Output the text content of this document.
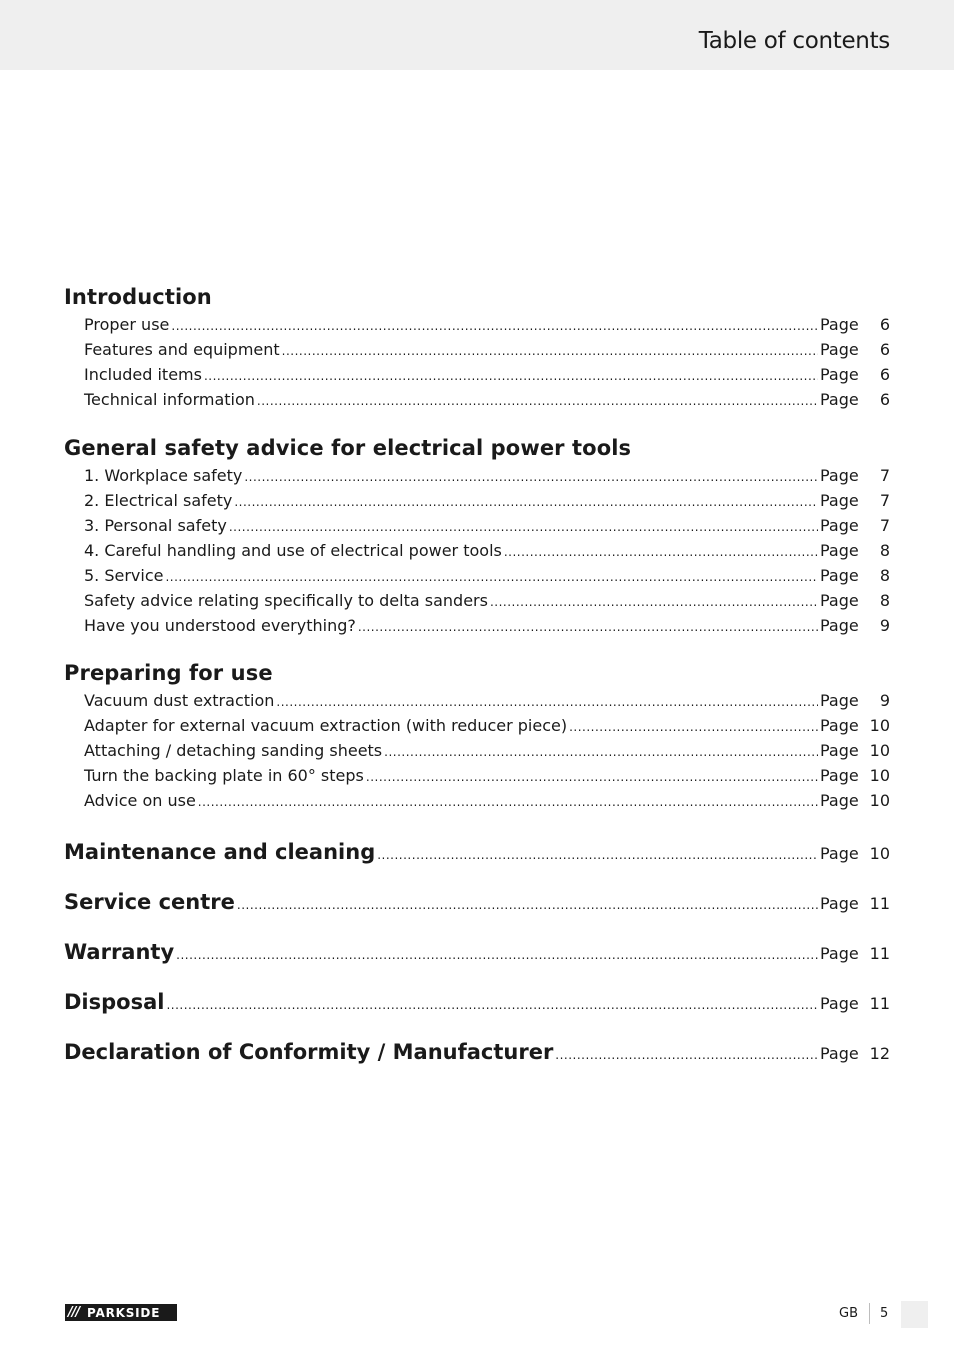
Table of contents
Introduction
Proper use .....	Page	6
Features and equipment .....	Page	6
Included items .....	Page	6
Technical information .....	Page	6
General safety advice for electrical power tools
1. Workplace safety .....	Page	7
2. Electrical safety .....	Page	7
3. Personal safety .....	Page	7
4. Careful handling and use of electrical power tools .....	Page	8
5. Service .....	Page	8
Safety advice relating specifically to delta sanders .....	Page	8
Have you understood everything? .....	Page	9
Preparing for use
Vacuum dust extraction .....	Page	9
Adapter for external vacuum extraction (with reducer piece) .....	Page 10
Attaching / detaching sanding sheets .....	Page 10
Turn the backing plate in 60° steps .....	Page 10
Advice on use .....	Page 10
Maintenance and cleaning .....	Page 10
Service centre .....	Page 11
Warranty .....	Page 11
Disposal .....	Page 11
Declaration of Conformity / Manufacturer .....	Page 12
/// PARKSIDE	GB 5
